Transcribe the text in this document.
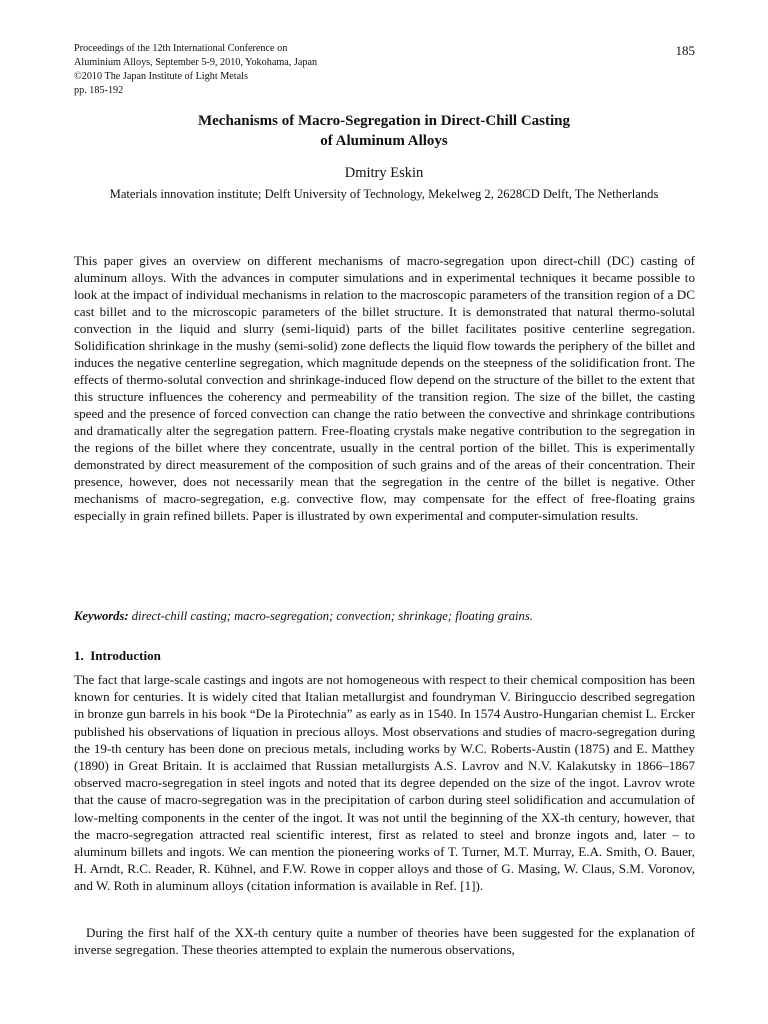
Proceedings of the 12th International Conference on
Aluminium Alloys, September 5-9, 2010, Yokohama, Japan
©2010 The Japan Institute of Light Metals
pp. 185-192
185
Mechanisms of Macro-Segregation in Direct-Chill Casting
of Aluminum Alloys
Dmitry Eskin
Materials innovation institute; Delft University of Technology, Mekelweg 2, 2628CD Delft, The Netherlands

This paper gives an overview on different mechanisms of macro-segregation upon direct-chill (DC) casting of aluminum alloys. With the advances in computer simulations and in experimental techniques it became possible to look at the impact of individual mechanisms in relation to the macroscopic parameters of the transition region of a DC cast billet and to the microscopic parameters of the billet structure. It is demonstrated that natural thermo-solutal convection in the liquid and slurry (semi-liquid) parts of the billet facilitates positive centerline segregation. Solidification shrinkage in the mushy (semi-solid) zone deflects the liquid flow towards the periphery of the billet and induces the negative centerline segregation, which magnitude depends on the steepness of the solidification front. The effects of thermo-solutal convection and shrinkage-induced flow depend on the structure of the billet to the extent that this structure influences the coherency and permeability of the transition region. The size of the billet, the casting speed and the presence of forced convection can change the ratio between the convective and shrinkage contributions and dramatically alter the segregation pattern. Free-floating crystals make negative contribution to the segregation in the regions of the billet where they concentrate, usually in the central portion of the billet. This is experimentally demonstrated by direct measurement of the composition of such grains and of the areas of their concentration. Their presence, however, does not necessarily mean that the segregation in the centre of the billet is negative. Other mechanisms of macro-segregation, e.g. convective flow, may compensate for the effect of free-floating grains especially in grain refined billets. Paper is illustrated by own experimental and computer-simulation results.

Keywords: direct-chill casting; macro-segregation; convection; shrinkage; floating grains.
1. Introduction

The fact that large-scale castings and ingots are not homogeneous with respect to their chemical composition has been known for centuries. It is widely cited that Italian metallurgist and foundryman V. Biringuccio described segregation in bronze gun barrels in his book “De la Pirotechnia” as early as in 1540. In 1574 Austro-Hungarian chemist L. Ercker published his observations of liquation in precious alloys. Most observations and studies of macro-segregation during the 19-th century has been done on precious metals, including works by W.C. Roberts-Austin (1875) and E. Matthey (1890) in Great Britain. It is acclaimed that Russian metallurgists A.S. Lavrov and N.V. Kalakutsky in 1866–1867 observed macro-segregation in steel ingots and noted that its degree depended on the size of the ingot. Lavrov wrote that the cause of macro-segregation was in the precipitation of carbon during steel solidification and accumulation of low-melting components in the center of the ingot. It was not until the beginning of the XX-th century, however, that the macro-segregation attracted real scientific interest, first as related to steel and bronze ingots and, later – to aluminum billets and ingots. We can mention the pioneering works of T. Turner, M.T. Murray, E.A. Smith, O. Bauer, H. Arndt, R.C. Reader, R. Kühnel, and F.W. Rowe in copper alloys and those of G. Masing, W. Claus, S.M. Voronov, and W. Roth in aluminum alloys (citation information is available in Ref. [1]).

During the first half of the XX-th century quite a number of theories have been suggested for the explanation of inverse segregation. These theories attempted to explain the numerous observations,
